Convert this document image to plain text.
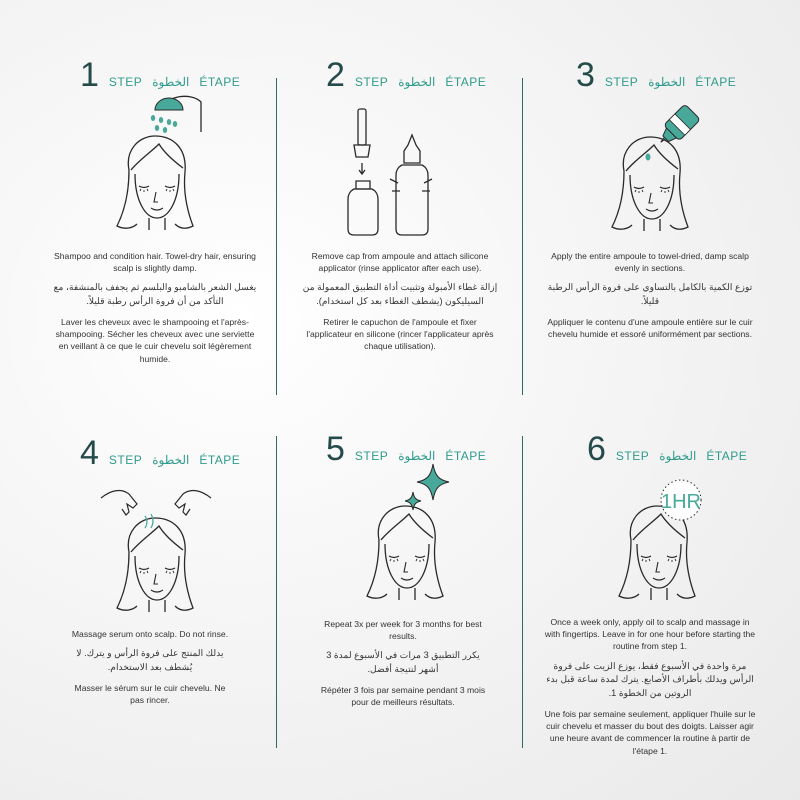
1 STEP الخطوة ÉTAPE

Shampoo and condition hair. Towel-dry hair, ensuring scalp is slightly damp.

يغسل الشعر بالشامبو والبلسم ثم يجفف بالمنشفة، مع التأكد من أن فروة الرأس رطبة قليلاً.

Laver les cheveux avec le shampooing et l'après-shampooing. Sécher les cheveux avec une serviette en veillant à ce que le cuir chevelu soit légèrement humide.

2 STEP الخطوة ÉTAPE

Remove cap from ampoule and attach silicone applicator (rinse applicator after each use).

إزالة غطاء الأمبولة وتثبيت أداة التطبيق المعمولة من السيليكون (يشطف الغطاء بعد كل استخدام).

Retirer le capuchon de l'ampoule et fixer l'applicateur en silicone (rincer l'applicateur après chaque utilisation).

3 STEP الخطوة ÉTAPE

Apply the entire ampoule to towel-dried, damp scalp evenly in sections.

توزع الكمية بالكامل بالتساوي على فروة الرأس الرطبة قليلاً.

Appliquer le contenu d'une ampoule entière sur le cuir chevelu humide et essoré uniformément par sections.

4 STEP الخطوة ÉTAPE

Massage serum onto scalp. Do not rinse.

يدلك المنتج على فروة الرأس و يترك. لا يُشطف بعد الاستخدام.

Masser le sérum sur le cuir chevelu. Ne pas rincer.

5 STEP الخطوة ÉTAPE

Repeat 3x per week for 3 months for best results.

يكرر التطبيق 3 مرات في الأسبوع لمدة 3 أشهر لنتيجة أفضل.

Répéter 3 fois par semaine pendant 3 mois pour de meilleurs résultats.

6 STEP الخطوة ÉTAPE
1HR

Once a week only, apply oil to scalp and massage in with fingertips. Leave in for one hour before starting the routine from step 1.

مرة واحدة في الأسبوع فقط، يوزع الزيت على فروة الرأس ويدلك بأطراف الأصابع. يترك لمدة ساعة قبل بدء الروتين من الخطوة 1.

Une fois par semaine seulement, appliquer l'huile sur le cuir chevelu et masser du bout des doigts. Laisser agir une heure avant de commencer la routine à partir de l'étape 1.
